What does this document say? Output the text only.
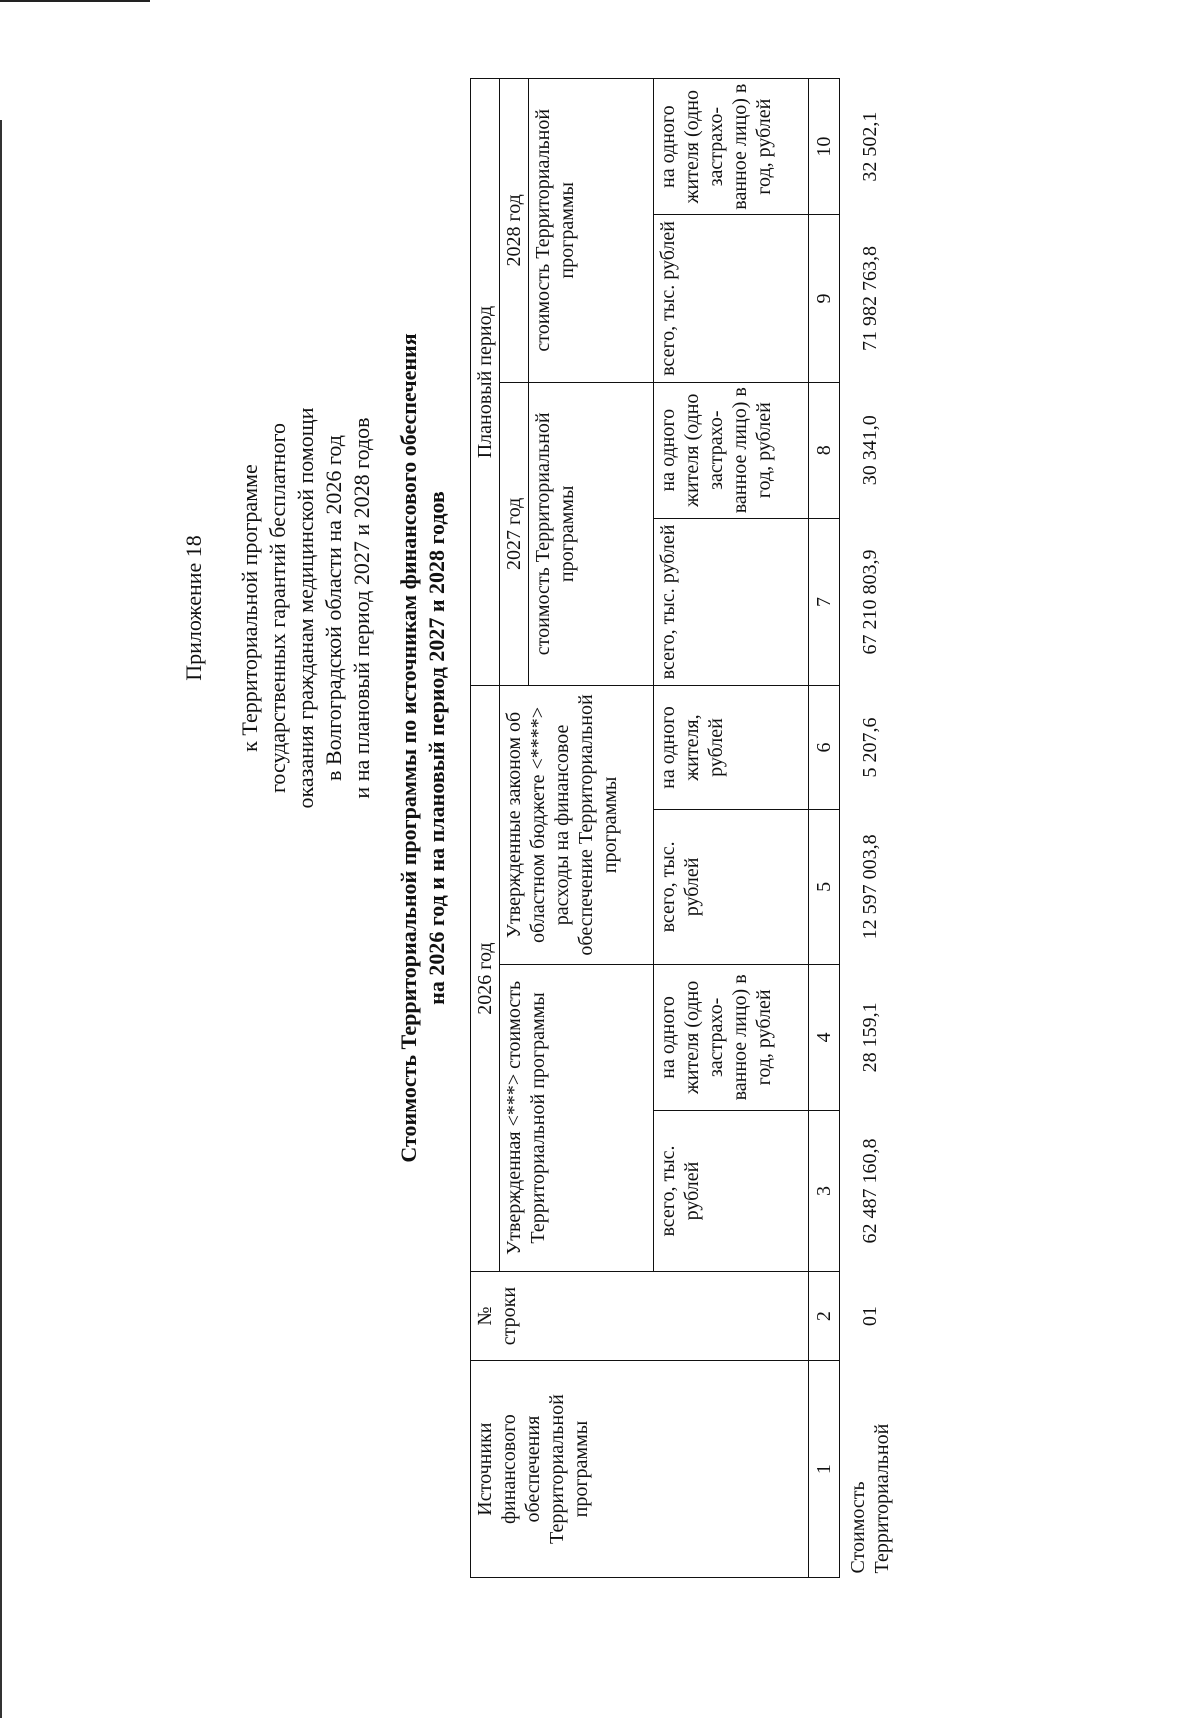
Приложение 18 к Территориальной программе государственных гарантий бесплатного оказания гражданам медицинской помощи в Волгоградской области на 2026 год и на плановый период 2027 и 2028 годов Стоимость Территориальной программы по источникам финансового обеспечения на 2026 год и на плановый период 2027 и 2028 годов
Источники финансового обеспечения Территориальной программы	№ строки	2026 год				Плановый период			
		Утвержденная <***> стоимость Территориальной программы		Утвержденные законом об областном бюджете <****> расходы на финансовое обеспечение Территориальной программы		2027 год		2028 год	
						стоимость Территориальной программы		стоимость Территориальной программы	
		всего, тыс. рублей	на одного жителя (одно застрахо-ванное лицо) в год, рублей	всего, тыс. рублей	на одного жителя, рублей	всего, тыс. рублей	на одного жителя (одно застрахо-ванное лицо) в год, рублей	всего, тыс. рублей	на одного жителя (одно застрахо-ванное лицо) в год, рублей
1	2	3	4	5	6	7	8	9	10
Стоимость Территориальной	01	62 487 160,8	28 159,1	12 597 003,8	5 207,6	67 210 803,9	30 341,0	71 982 763,8	32 502,1
